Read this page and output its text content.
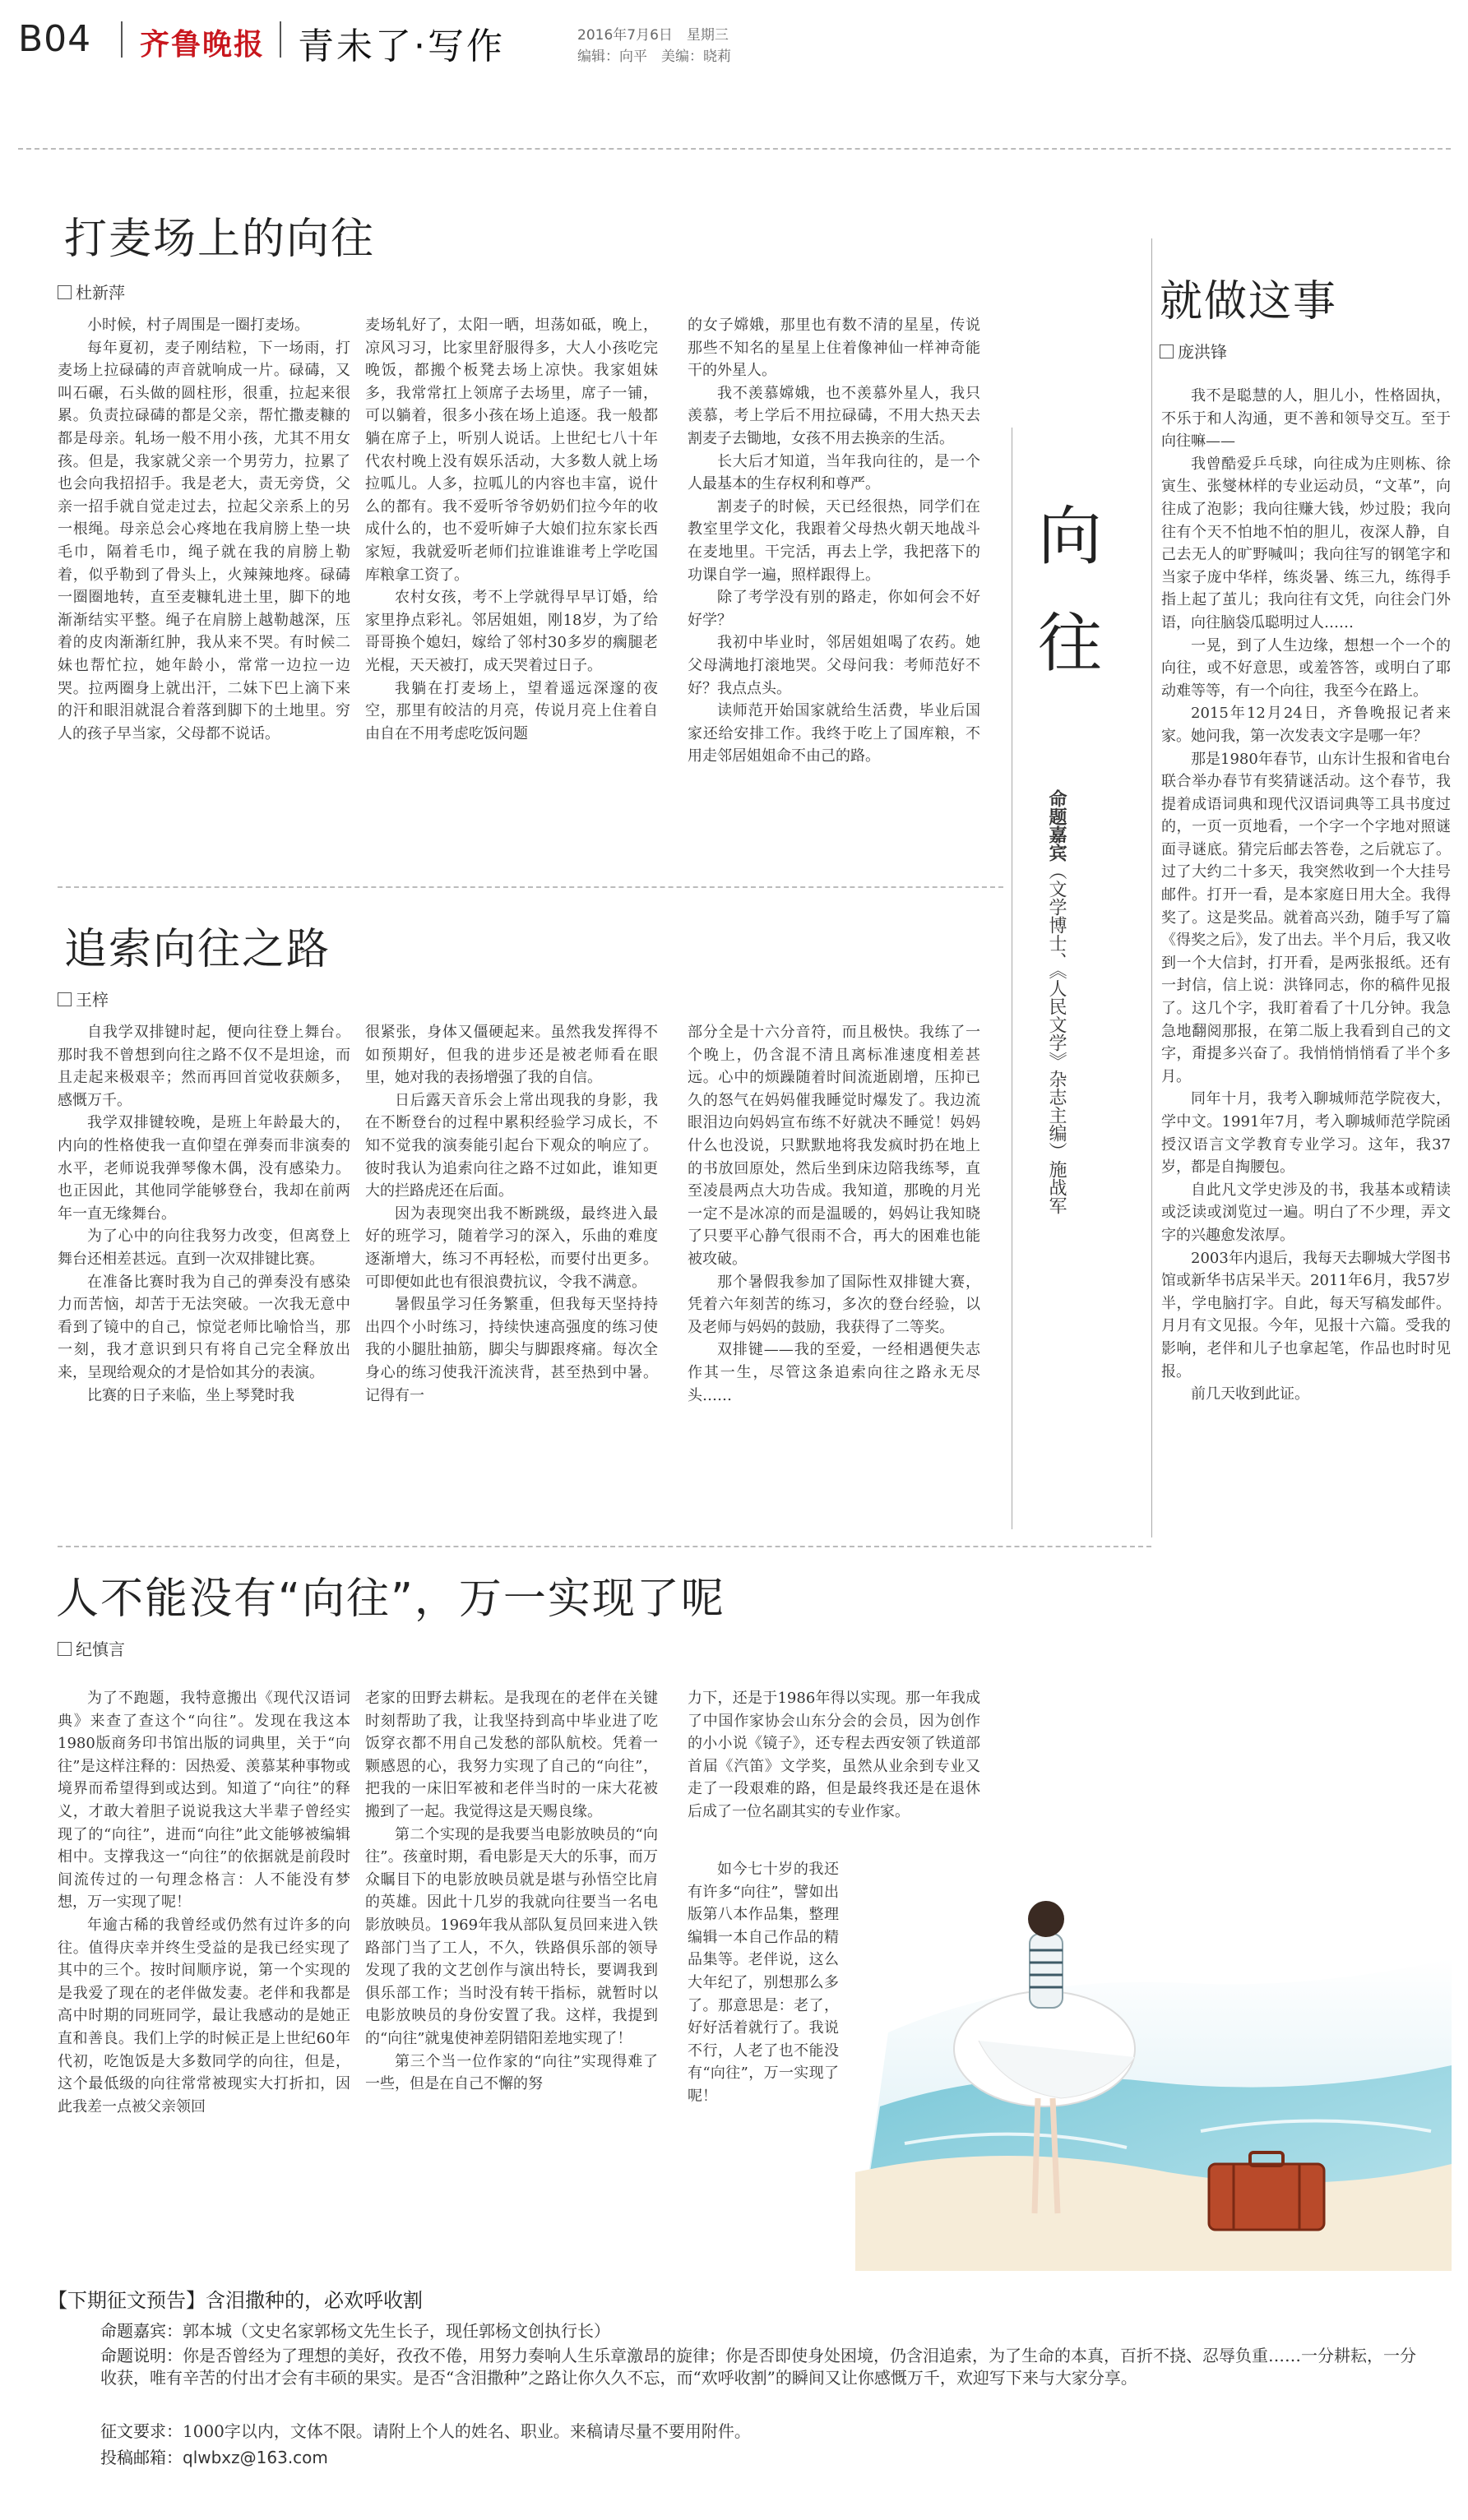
B04 齐鲁晚报 青未了·写作	2016年7月6日　星期三
编辑：向平　美编：晓莉
打麦场上的向往
杜新萍

小时候，村子周围是一圈打麦场。

每年夏初，麦子刚结粒，下一场雨，打麦场上拉碌碡的声音就响成一片。碌碡，又叫石碾，石头做的圆柱形，很重，拉起来很累。负责拉碌碡的都是父亲，帮忙撒麦糠的都是母亲。轧场一般不用小孩，尤其不用女孩。但是，我家就父亲一个男劳力，拉累了也会向我招招手。我是老大，责无旁贷，父亲一招手就自觉走过去，拉起父亲系上的另一根绳。母亲总会心疼地在我肩膀上垫一块毛巾，隔着毛巾，绳子就在我的肩膀上勒着，似乎勒到了骨头上，火辣辣地疼。碌碡一圈圈地转，直至麦糠轧进土里，脚下的地渐渐结实平整。绳子在肩膀上越勒越深，压着的皮肉渐渐红肿，我从来不哭。有时候二妹也帮忙拉，她年龄小，常常一边拉一边哭。拉两圈身上就出汗，二妹下巴上滴下来的汗和眼泪就混合着落到脚下的土地里。穷人的孩子早当家，父母都不说话。

麦场轧好了，太阳一晒，坦荡如砥，晚上，凉风习习，比家里舒服得多，大人小孩吃完晚饭，都搬个板凳去场上凉快。我家姐妹多，我常常扛上领席子去场里，席子一铺，可以躺着，很多小孩在场上追逐。我一般都躺在席子上，听别人说话。上世纪七八十年代农村晚上没有娱乐活动，大多数人就上场拉呱儿。人多，拉呱儿的内容也丰富，说什么的都有。我不爱听爷爷奶奶们拉今年的收成什么的，也不爱听婶子大娘们拉东家长西家短，我就爱听老师们拉谁谁谁考上学吃国库粮拿工资了。

农村女孩，考不上学就得早早订婚，给家里挣点彩礼。邻居姐姐，刚18岁，为了给哥哥换个媳妇，嫁给了邻村30多岁的瘸腿老光棍，天天被打，成天哭着过日子。

我躺在打麦场上，望着遥远深邃的夜空，那里有皎洁的月亮，传说月亮上住着自由自在不用考虑吃饭问题

的女子嫦娥，那里也有数不清的星星，传说那些不知名的星星上住着像神仙一样神奇能干的外星人。

我不羡慕嫦娥，也不羡慕外星人，我只羡慕，考上学后不用拉碌碡，不用大热天去割麦子去锄地，女孩不用去换亲的生活。

长大后才知道，当年我向往的，是一个人最基本的生存权利和尊严。

割麦子的时候，天已经很热，同学们在教室里学文化，我跟着父母热火朝天地战斗在麦地里。干完活，再去上学，我把落下的功课自学一遍，照样跟得上。

除了考学没有别的路走，你如何会不好好学？

我初中毕业时，邻居姐姐喝了农药。她父母满地打滚地哭。父母问我：考师范好不好？我点点头。

读师范开始国家就给生活费，毕业后国家还给安排工作。我终于吃上了国库粮，不用走邻居姐姐命不由己的路。

追索向往之路
王梓

自我学双排键时起，便向往登上舞台。那时我不曾想到向往之路不仅不是坦途，而且走起来极艰辛；然而再回首觉收获颇多，感慨万千。

我学双排键较晚，是班上年龄最大的，内向的性格使我一直仰望在弹奏而非演奏的水平，老师说我弹琴像木偶，没有感染力。也正因此，其他同学能够登台，我却在前两年一直无缘舞台。

为了心中的向往我努力改变，但离登上舞台还相差甚远。直到一次双排键比赛。

在准备比赛时我为自己的弹奏没有感染力而苦恼，却苦于无法突破。一次我无意中看到了镜中的自己，惊觉老师比喻恰当，那一刻，我才意识到只有将自己完全释放出来，呈现给观众的才是恰如其分的表演。

比赛的日子来临，坐上琴凳时我

很紧张，身体又僵硬起来。虽然我发挥得不如预期好，但我的进步还是被老师看在眼里，她对我的表扬增强了我的自信。

日后露天音乐会上常出现我的身影，我在不断登台的过程中累积经验学习成长，不知不觉我的演奏能引起台下观众的响应了。彼时我认为追索向往之路不过如此，谁知更大的拦路虎还在后面。

因为表现突出我不断跳级，最终进入最好的班学习，随着学习的深入，乐曲的难度逐渐增大，练习不再轻松，而要付出更多。可即便如此也有很浪费抗议，令我不满意。

暑假虽学习任务繁重，但我每天坚持持出四个小时练习，持续快速高强度的练习使我的小腿肚抽筋，脚尖与脚跟疼痛。每次全身心的练习使我汗流浃背，甚至热到中暑。记得有一

部分全是十六分音符，而且极快。我练了一个晚上，仍含混不清且离标准速度相差甚远。心中的烦躁随着时间流逝剧增，压抑已久的怒气在妈妈催我睡觉时爆发了。我边流眼泪边向妈妈宣布练不好就决不睡觉！妈妈什么也没说，只默默地将我发疯时扔在地上的书放回原处，然后坐到床边陪我练琴，直至凌晨两点大功告成。我知道，那晚的月光一定不是冰凉的而是温暖的，妈妈让我知晓了只要平心静气很雨不合，再大的困难也能被攻破。

那个暑假我参加了国际性双排键大赛，凭着六年刻苦的练习，多次的登台经验，以及老师与妈妈的鼓励，我获得了二等奖。

双排键——我的至爱，一经相遇便失志作其一生，尽管这条追索向往之路永无尽头……

人不能没有“向往”，万一实现了呢
纪慎言

为了不跑题，我特意搬出《现代汉语词典》来查了查这个“向往”。发现在我这本1980版商务印书馆出版的词典里，关于“向往”是这样注释的：因热爱、羡慕某种事物或境界而希望得到或达到。知道了“向往”的释义，才敢大着胆子说说我这大半辈子曾经实现了的“向往”，进而“向往”此文能够被编辑相中。支撑我这一“向往”的依据就是前段时间流传过的一句理念格言：人不能没有梦想，万一实现了呢！

年逾古稀的我曾经或仍然有过许多的向往。值得庆幸并终生受益的是我已经实现了其中的三个。按时间顺序说，第一个实现的是我爱了现在的老伴做发妻。老伴和我都是高中时期的同班同学，最让我感动的是她正直和善良。我们上学的时候正是上世纪60年代初，吃饱饭是大多数同学的向往，但是，这个最低级的向往常常被现实大打折扣，因此我差一点被父亲领回

老家的田野去耕耘。是我现在的老伴在关键时刻帮助了我，让我坚持到高中毕业进了吃饭穿衣都不用自己发愁的部队航校。凭着一颗感恩的心，我努力实现了自己的“向往”，把我的一床旧军被和老伴当时的一床大花被搬到了一起。我觉得这是天赐良缘。

第二个实现的是我要当电影放映员的“向往”。孩童时期，看电影是天大的乐事，而万众瞩目下的电影放映员就是堪与孙悟空比肩的英雄。因此十几岁的我就向往要当一名电影放映员。1969年我从部队复员回来进入铁路部门当了工人，不久，铁路俱乐部的领导发现了我的文艺创作与演出特长，要调我到俱乐部工作；当时没有转干指标，就暂时以电影放映员的身份安置了我。这样，我提到的“向往”就鬼使神差阴错阳差地实现了！

第三个当一位作家的“向往”实现得难了一些，但是在自己不懈的努

力下，还是于1986年得以实现。那一年我成了中国作家协会山东分会的会员，因为创作的小小说《镜子》，还专程去西安领了铁道部首届《汽笛》文学奖，虽然从业余到专业又走了一段艰难的路，但是最终我还是在退休后成了一位名副其实的专业作家。

如今七十岁的我还有许多“向往”，譬如出版第八本作品集，整理编辑一本自己作品的精品集等。老伴说，这么大年纪了，别想那么多了。那意思是：老了，好好活着就行了。我说不行，人老了也不能没有“向往”，万一实现了呢！

向
往
命题嘉宾（文学博士、《人民文学》杂志主编）施战军
就做这事
庞洪锋

我不是聪慧的人，胆儿小，性格固执，不乐于和人沟通，更不善和领导交互。至于向往嘛——

我曾酷爱乒乓球，向往成为庄则栋、徐寅生、张燮林样的专业运动员，“文革”，向往成了泡影；我向往赚大钱，炒过股；我向往有个天不怕地不怕的胆儿，夜深人静，自己去无人的旷野喊叫；我向往写的钢笔字和当家子庞中华样，练炎暑、练三九，练得手指上起了茧儿；我向往有文凭，向往会门外语，向往脑袋瓜聪明过人……

一晃，到了人生边缘，想想一个一个的向往，或不好意思，或羞答答，或明白了耶动难等等，有一个向往，我至今在路上。

2015年12月24日，齐鲁晚报记者来家。她问我，第一次发表文字是哪一年？

那是1980年春节，山东计生报和省电台联合举办春节有奖猜谜活动。这个春节，我提着成语词典和现代汉语词典等工具书度过的，一页一页地看，一个字一个字地对照谜面寻谜底。猜完后邮去答卷，之后就忘了。过了大约二十多天，我突然收到一个大挂号邮件。打开一看，是本家庭日用大全。我得奖了。这是奖品。就着高兴劲，随手写了篇《得奖之后》，发了出去。半个月后，我又收到一个大信封，打开看，是两张报纸。还有一封信，信上说：洪锋同志，你的稿件见报了。这几个字，我盯着看了十几分钟。我急急地翻阅那报，在第二版上我看到自己的文字，甭提多兴奋了。我悄悄悄悄看了半个多月。

同年十月，我考入聊城师范学院夜大，学中文。1991年7月，考入聊城师范学院函授汉语言文学教育专业学习。这年，我37岁，都是自掏腰包。

自此凡文学史涉及的书，我基本或精读或泛读或浏览过一遍。明白了不少理，弄文字的兴趣愈发浓厚。

2003年内退后，我每天去聊城大学图书馆或新华书店呆半天。2011年6月，我57岁半，学电脑打字。自此，每天写稿发邮件。月月有文见报。今年，见报十六篇。受我的影响，老伴和儿子也拿起笔，作品也时时见报。

前几天收到此证。

【下期征文预告】含泪撒种的，必欢呼收割
命题嘉宾：郭本城（文史名家郭杨文先生长子，现任郭杨文创执行长）
命题说明：你是否曾经为了理想的美好，孜孜不倦，用努力奏响人生乐章激昂的旋律；你是否即使身处困境，仍含泪追索，为了生命的本真，百折不挠、忍辱负重……一分耕耘，一分收获，唯有辛苦的付出才会有丰硕的果实。是否“含泪撒种”之路让你久久不忘，而“欢呼收割”的瞬间又让你感慨万千，欢迎写下来与大家分享。
征文要求：1000字以内，文体不限。请附上个人的姓名、职业。来稿请尽量不要用附件。
投稿邮箱：qlwbxz@163.com
